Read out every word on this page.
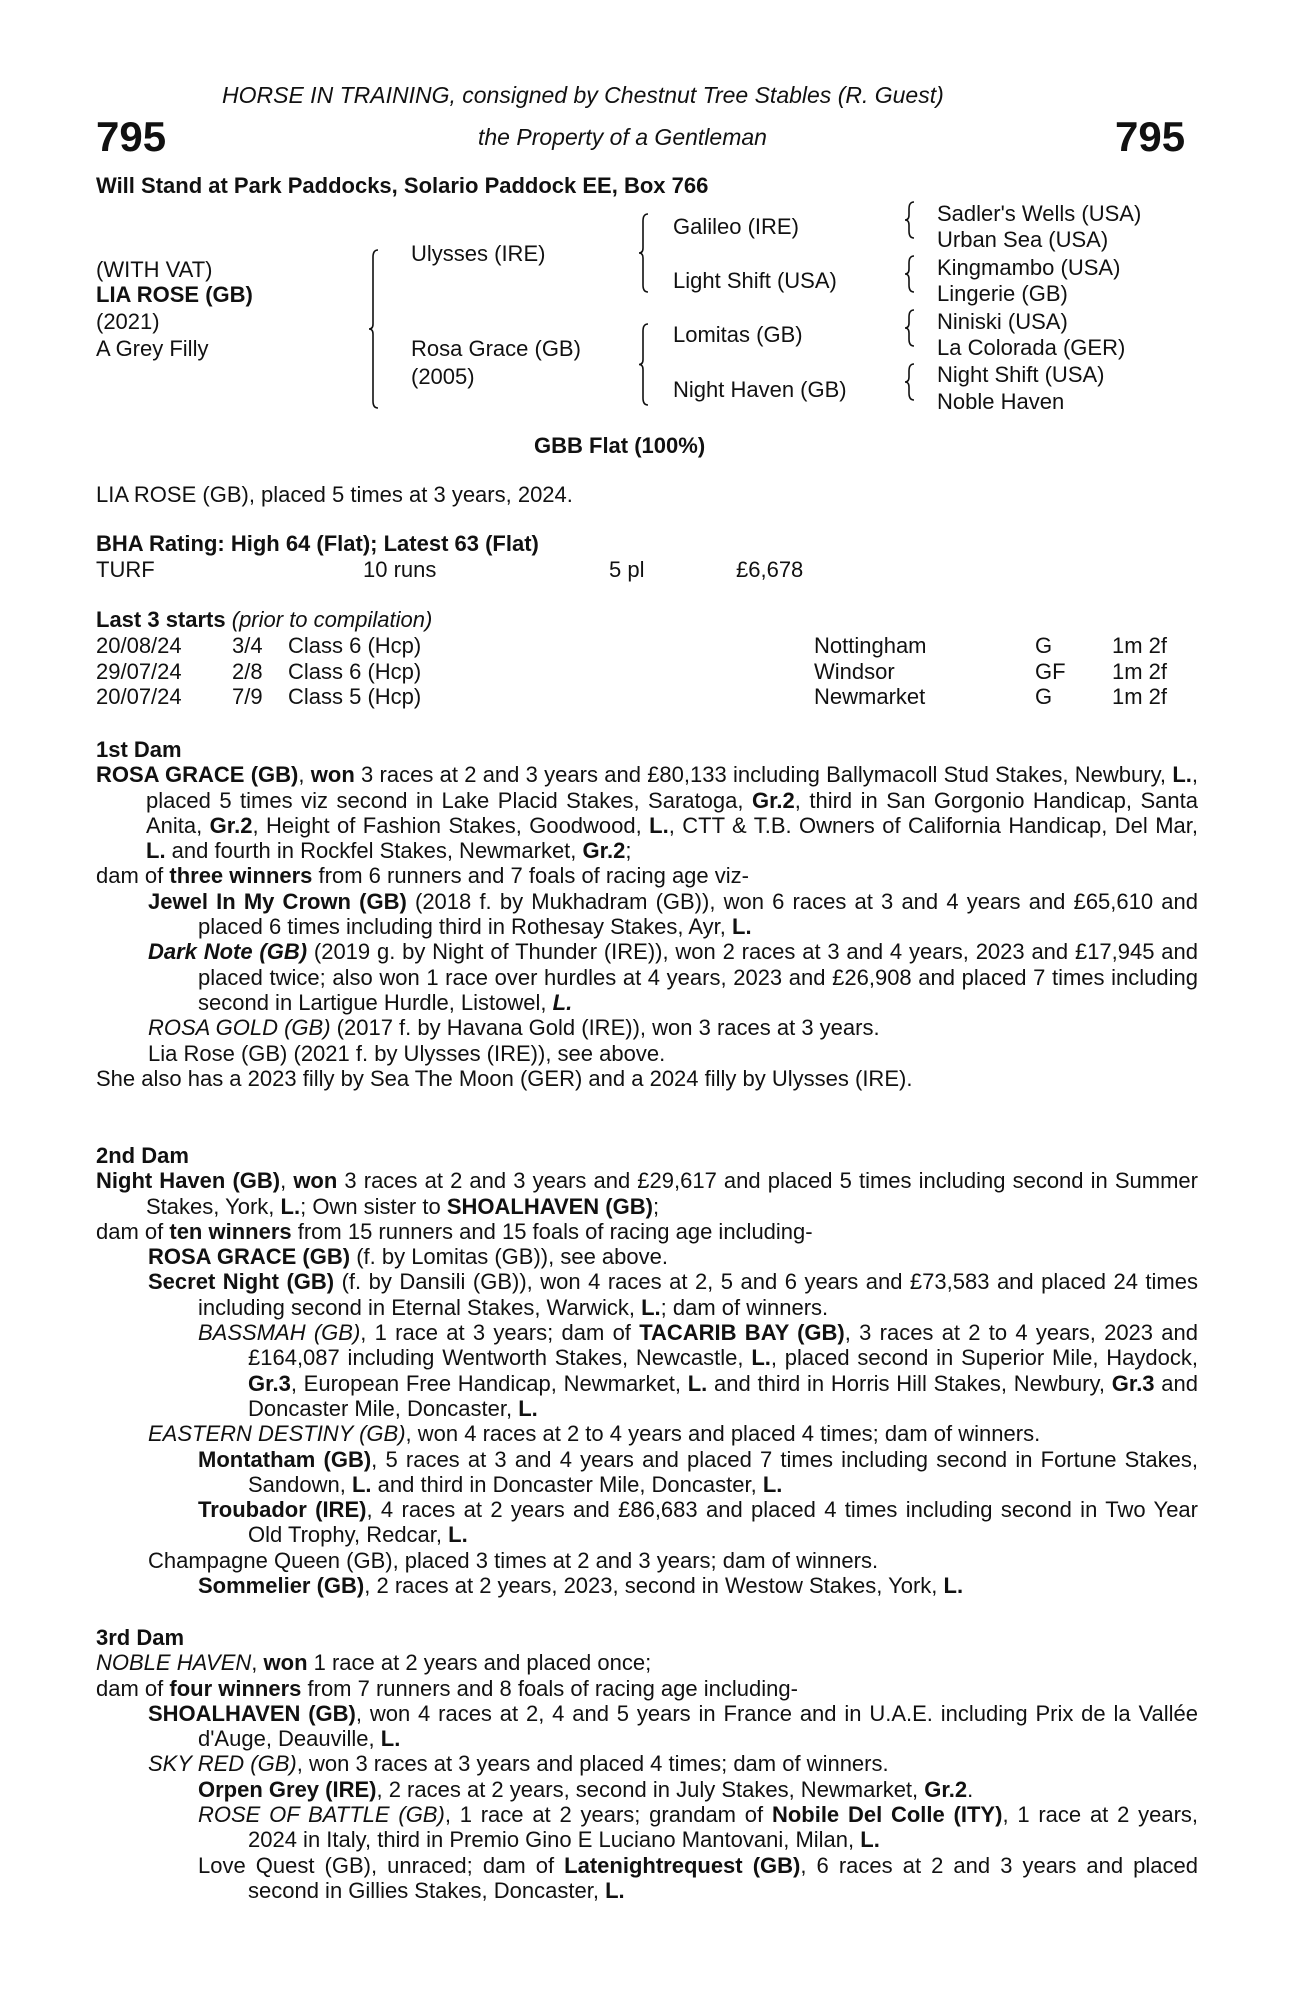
HORSE IN TRAINING, consigned by Chestnut Tree Stables (R. Guest)
795	the Property of a Gentleman	795
Will Stand at Park Paddocks, Solario Paddock EE, Box 766
(WITH VAT)
LIA ROSE (GB)
(2021)
A Grey Filly
Ulysses (IRE)
Rosa Grace (GB)
(2005)
Galileo (IRE)
Light Shift (USA)
Lomitas (GB)
Night Haven (GB)
Sadler's Wells (USA)
Urban Sea (USA)
Kingmambo (USA)
Lingerie (GB)
Niniski (USA)
La Colorada (GER)
Night Shift (USA)
Noble Haven
GBB Flat (100%)
LIA ROSE (GB), placed 5 times at 3 years, 2024.
BHA Rating: High 64 (Flat); Latest 63 (Flat)
TURF	10 runs	5 pl	£6,678
Last 3 starts (prior to compilation)
20/08/24 3/4 Class 6 (Hcp)	Nottingham	G	1m 2f
29/07/24 2/8 Class 6 (Hcp)	Windsor	GF 1m 2f
20/07/24 7/9 Class 5 (Hcp)	Newmarket	G	1m 2f
1st Dam
ROSA GRACE (GB), won 3 races at 2 and 3 years and £80,133 including Ballymacoll Stud Stakes, Newbury, L., placed 5 times viz second in Lake Placid Stakes, Saratoga, Gr.2, third in San Gorgonio Handicap, Santa Anita, Gr.2, Height of Fashion Stakes, Goodwood, L., CTT & T.B. Owners of California Handicap, Del Mar, L. and fourth in Rockfel Stakes, Newmarket, Gr.2;
dam of three winners from 6 runners and 7 foals of racing age viz-
Jewel In My Crown (GB) (2018 f. by Mukhadram (GB)), won 6 races at 3 and 4 years and £65,610 and placed 6 times including third in Rothesay Stakes, Ayr, L.
Dark Note (GB) (2019 g. by Night of Thunder (IRE)), won 2 races at 3 and 4 years, 2023 and £17,945 and placed twice; also won 1 race over hurdles at 4 years, 2023 and £26,908 and placed 7 times including second in Lartigue Hurdle, Listowel, L.
ROSA GOLD (GB) (2017 f. by Havana Gold (IRE)), won 3 races at 3 years.
Lia Rose (GB) (2021 f. by Ulysses (IRE)), see above.
She also has a 2023 filly by Sea The Moon (GER) and a 2024 filly by Ulysses (IRE).
2nd Dam
Night Haven (GB), won 3 races at 2 and 3 years and £29,617 and placed 5 times including second in Summer Stakes, York, L.; Own sister to SHOALHAVEN (GB);
dam of ten winners from 15 runners and 15 foals of racing age including-
ROSA GRACE (GB) (f. by Lomitas (GB)), see above.
Secret Night (GB) (f. by Dansili (GB)), won 4 races at 2, 5 and 6 years and £73,583 and placed 24 times including second in Eternal Stakes, Warwick, L.; dam of winners.
BASSMAH (GB), 1 race at 3 years; dam of TACARIB BAY (GB), 3 races at 2 to 4 years, 2023 and £164,087 including Wentworth Stakes, Newcastle, L., placed second in Superior Mile, Haydock, Gr.3, European Free Handicap, Newmarket, L. and third in Horris Hill Stakes, Newbury, Gr.3 and Doncaster Mile, Doncaster, L.
EASTERN DESTINY (GB), won 4 races at 2 to 4 years and placed 4 times; dam of winners.
Montatham (GB), 5 races at 3 and 4 years and placed 7 times including second in Fortune Stakes, Sandown, L. and third in Doncaster Mile, Doncaster, L.
Troubador (IRE), 4 races at 2 years and £86,683 and placed 4 times including second in Two Year Old Trophy, Redcar, L.
Champagne Queen (GB), placed 3 times at 2 and 3 years; dam of winners.
Sommelier (GB), 2 races at 2 years, 2023, second in Westow Stakes, York, L.
3rd Dam
NOBLE HAVEN, won 1 race at 2 years and placed once;
dam of four winners from 7 runners and 8 foals of racing age including-
SHOALHAVEN (GB), won 4 races at 2, 4 and 5 years in France and in U.A.E. including Prix de la Vallée d'Auge, Deauville, L.
SKY RED (GB), won 3 races at 3 years and placed 4 times; dam of winners.
Orpen Grey (IRE), 2 races at 2 years, second in July Stakes, Newmarket, Gr.2.
ROSE OF BATTLE (GB), 1 race at 2 years; grandam of Nobile Del Colle (ITY), 1 race at 2 years, 2024 in Italy, third in Premio Gino E Luciano Mantovani, Milan, L.
Love Quest (GB), unraced; dam of Latenightrequest (GB), 6 races at 2 and 3 years and placed second in Gillies Stakes, Doncaster, L.
